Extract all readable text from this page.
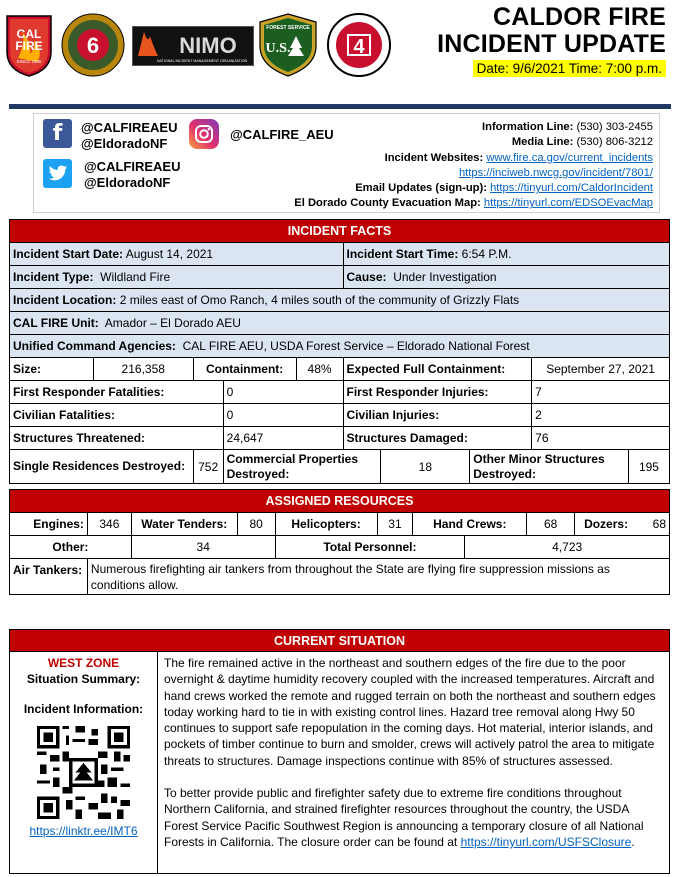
CAL
FIRE
SINCE 1885
6	NIMO
NATIONAL INCIDENT MANAGEMENT ORGANIZATION
FOREST SERVICE
U.S.	4
CALDOR FIRE
INCIDENT UPDATE
Date: 9/6/2021 Time: 7:00 p.m.
f	@CALFIREAEU
@EldoradoNF
@CALFIREAEU
@EldoradoNF
@CALFIRE_AEU	Information Line: (530) 303-2455
Media Line: (530) 806-3212
Incident Websites: www.fire.ca.gov/current_incidents
https://inciweb.nwcg.gov/incident/7801/
Email Updates (sign-up): https://tinyurl.com/CaldorIncident
El Dorado County Evacuation Map: https://tinyurl.com/EDSOEvacMap
INCIDENT FACTS									
Incident Start Date: August 14, 2021					Incident Start Time: 6:54 P.M.				
Incident Type: Wildland Fire					Cause: Under Investigation				
Incident Location: 2 miles east of Omo Ranch, 4 miles south of the community of Grizzly Flats									
CAL FIRE Unit: Amador – El Dorado AEU									
Unified Command Agencies: CAL FIRE AEU, USDA Forest Service – Eldorado National Forest									
Size:	216,358	Containment:		48%	Expected Full Containment:			September 27, 2021	
First Responder Fatalities:			0		First Responder Injuries:			7	
Civilian Fatalities:			0		Civilian Injuries:			2	
Structures Threatened:			24,647		Structures Damaged:			76	
Single Residences Destroyed:		752	Commercial Properties Destroyed:			18	Other Minor Structures Destroyed:		195
ASSIGNED RESOURCES									
Engines:	346	Water Tenders:	80	Helicopters:	31	Hand Crews:		68	Dozers: 68

Other:		34		Total Personnel:			4,723		
Air Tankers:	Numerous firefighting air tankers from throughout the State are flying fire suppression missions as conditions allow.								
CURRENT SITUATION
WEST ZONE
Situation Summary:
Incident Information:
https://linktr.ee/IMT6

The fire remained active in the northeast and southern edges of the fire due to the poor overnight & daytime humidity recovery coupled with the increased temperatures. Aircraft and hand crews worked the remote and rugged terrain on both the northeast and southern edges today working hard to tie in with existing control lines. Hazard tree removal along Hwy 50 continues to support safe repopulation in the coming days. Hot material, interior islands, and pockets of timber continue to burn and smolder, crews will actively patrol the area to mitigate threats to structures. Damage inspections continue with 85% of structures assessed.

To better provide public and firefighter safety due to extreme fire conditions throughout Northern California, and strained firefighter resources throughout the country, the USDA Forest Service Pacific Southwest Region is announcing a temporary closure of all National Forests in California. The closure order can be found at https://tinyurl.com/USFSClosure.
